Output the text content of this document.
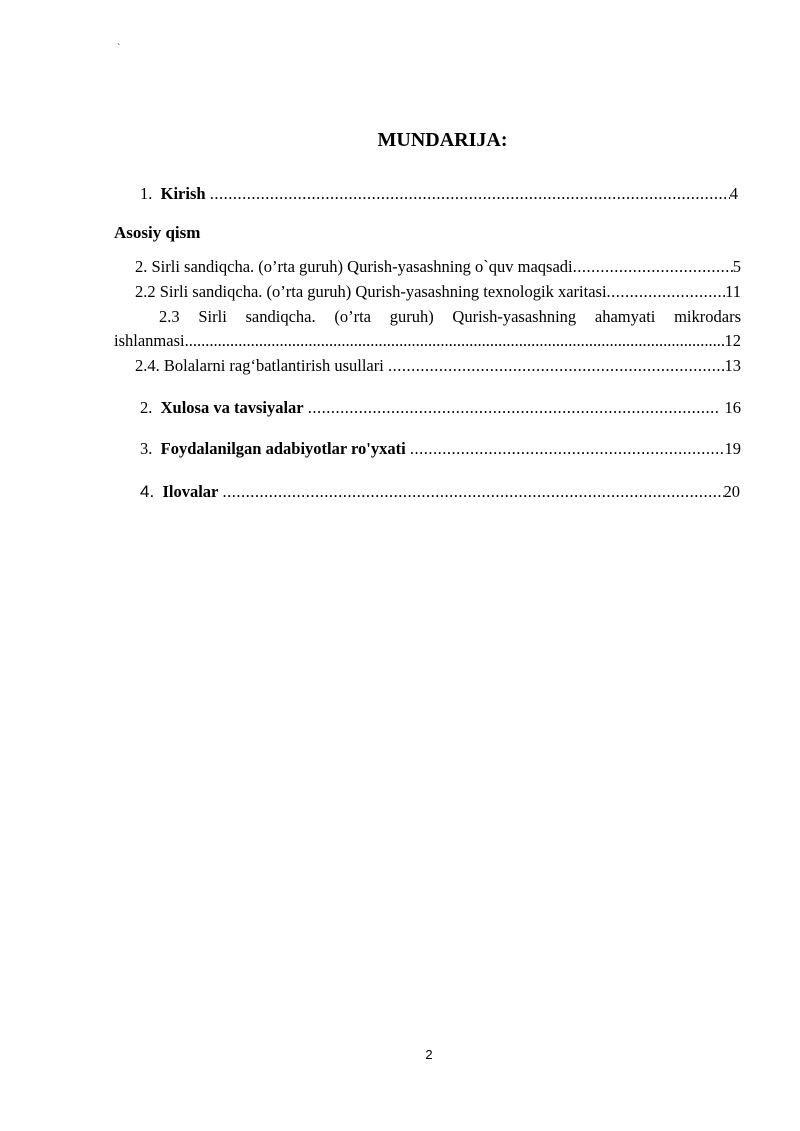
`
MUNDARIJA:
1. Kirish .....	4
Asosiy qism
2. Sirli sandiqcha. (o’rta guruh) Qurish-yasashning o`quv maqsadi .....	5
2.2 Sirli sandiqcha. (o’rta guruh) Qurish-yasashning texnologik xaritasi .....	11
2.3 Sirli sandiqcha. (o’rta guruh) Qurish-yasashning ahamyati mikrodars
ishlanmasi .....	12
2.4. Bolalarni rag‘batlantirish usullari .....	13
2. Xulosa va tavsiyalar .....	16
3. Foydalanilgan adabiyotlar ro'yxati .....	19
4. Ilovalar .....	20
2
